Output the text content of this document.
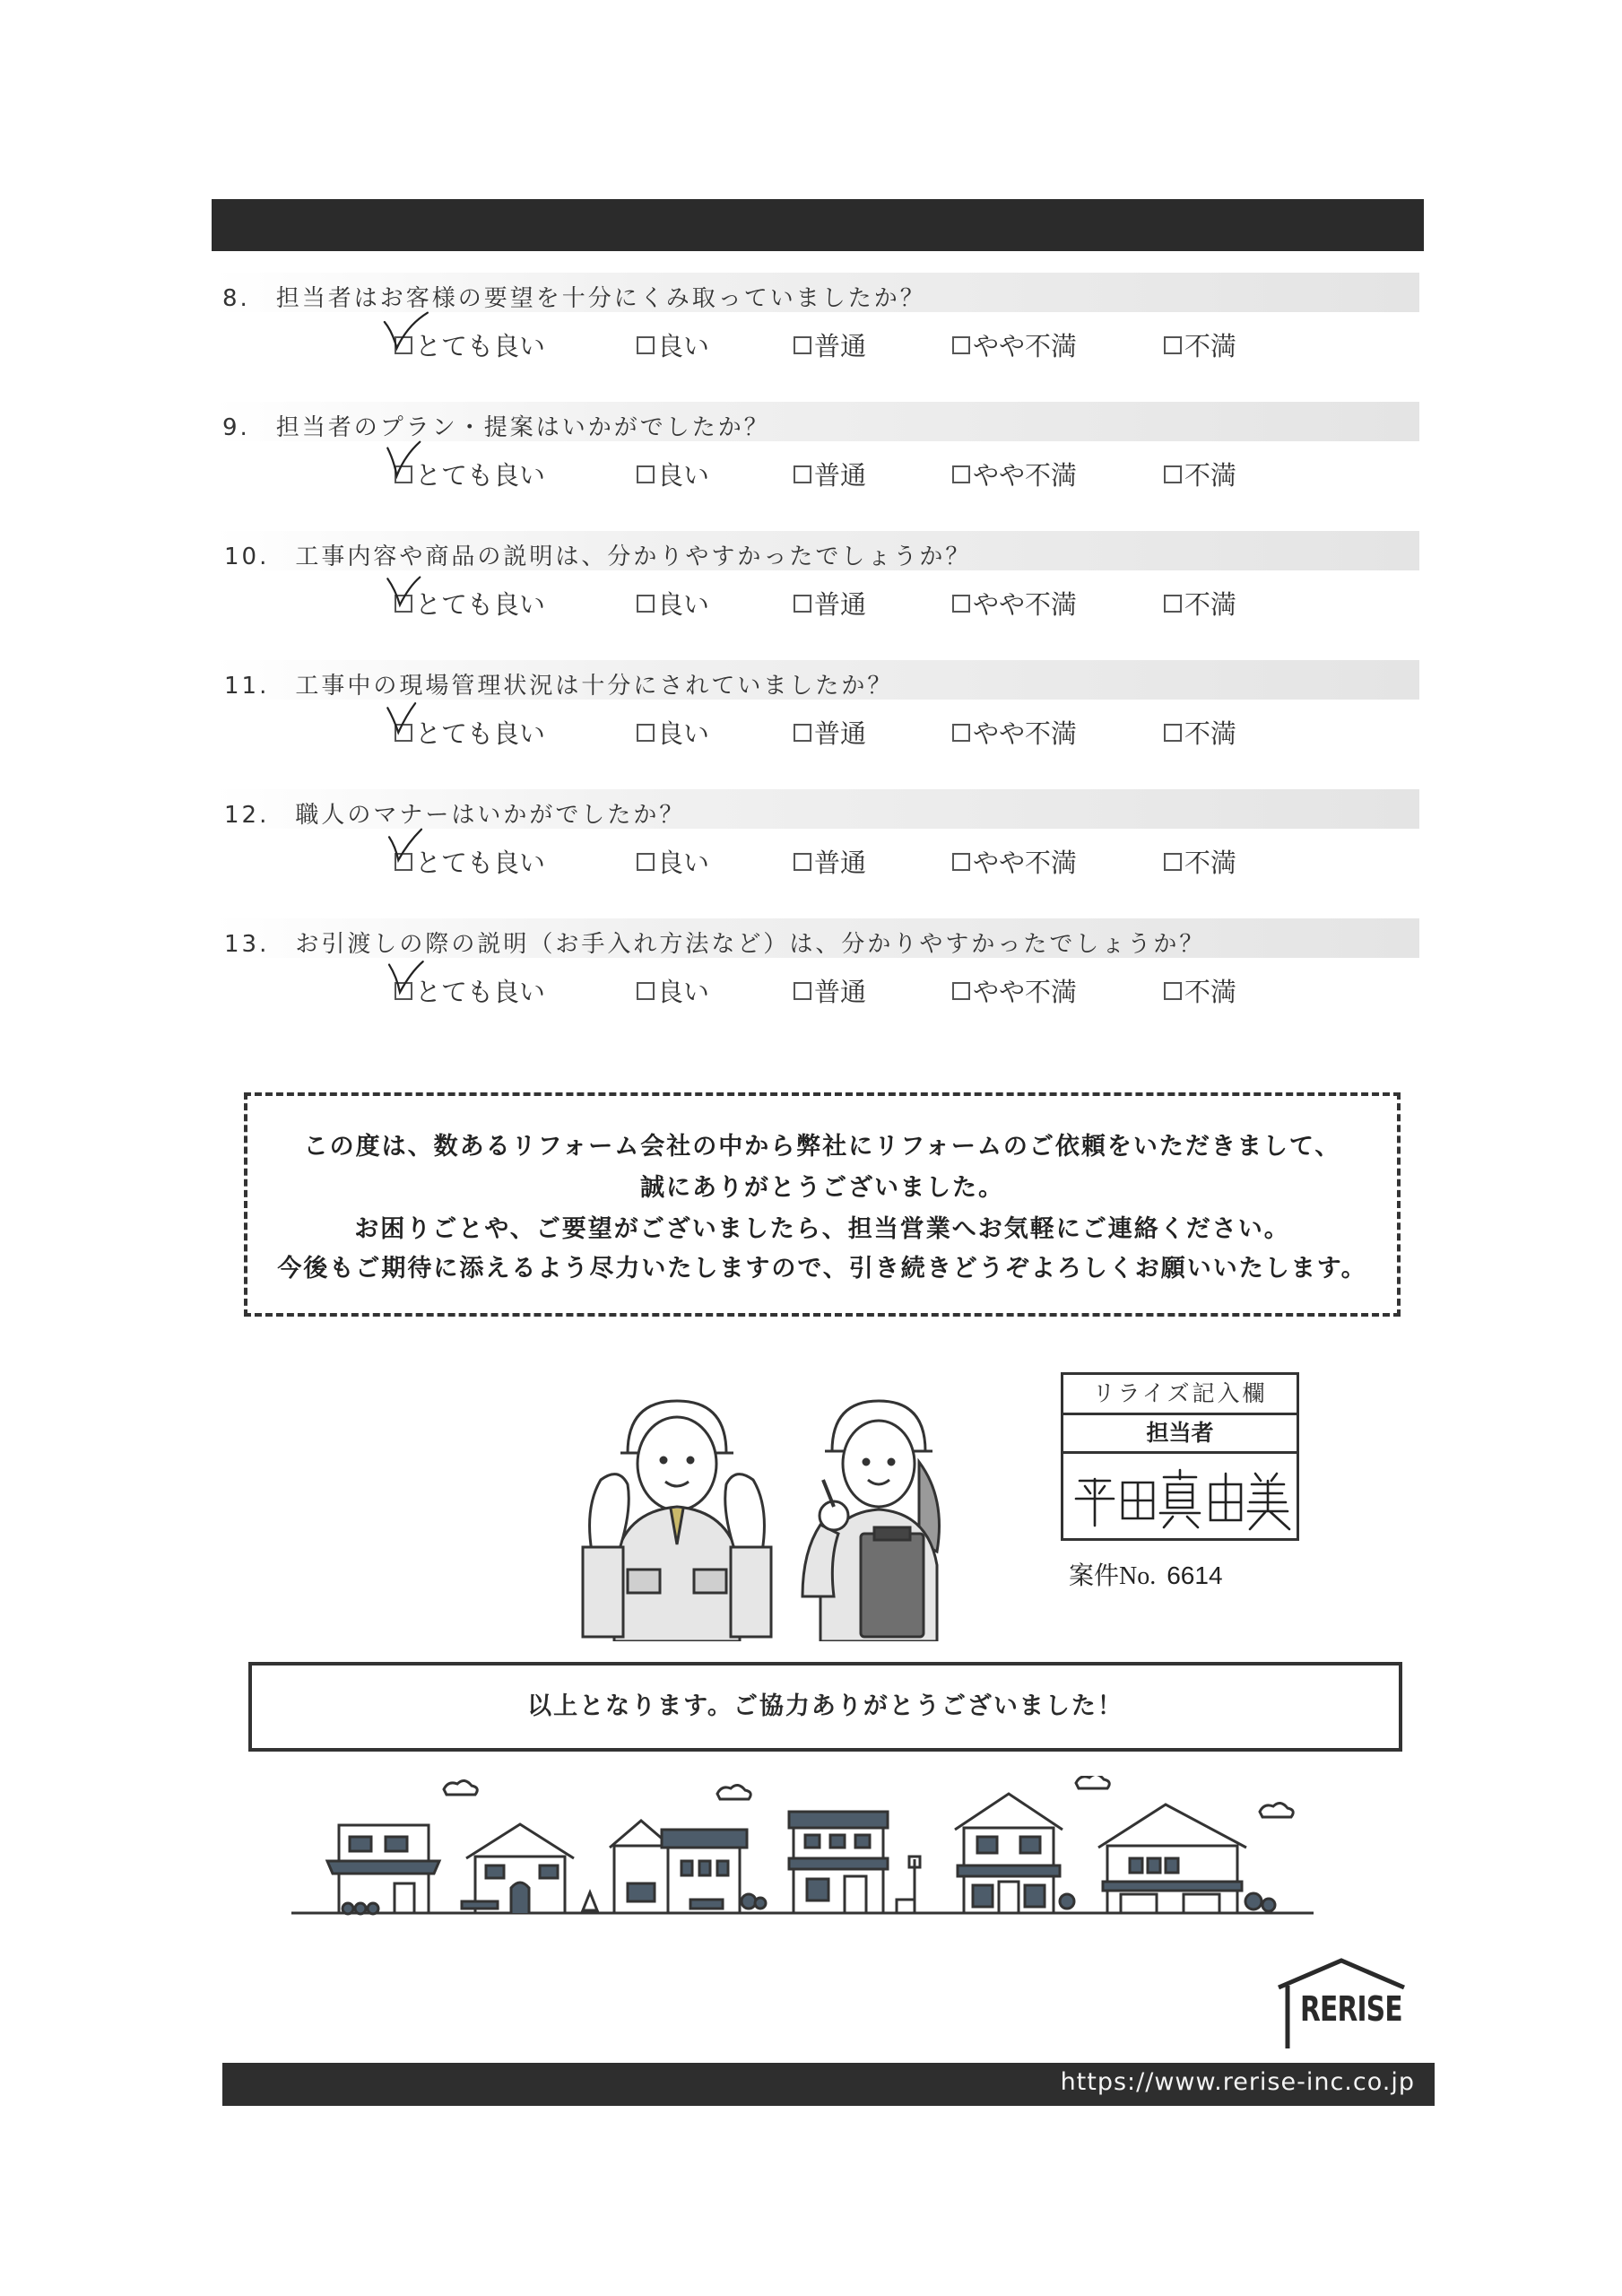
8.　担当者はお客様の要望を十分にくみ取っていましたか？
とても良い	良い	普通	やや不満	不満
9.　担当者のプラン・提案はいかがでしたか？
とても良い	良い	普通	やや不満	不満
10.　工事内容や商品の説明は、分かりやすかったでしょうか？
とても良い	良い	普通	やや不満	不満
11.　工事中の現場管理状況は十分にされていましたか？
とても良い	良い	普通	やや不満	不満
12.　職人のマナーはいかがでしたか？
とても良い	良い	普通	やや不満	不満
13.　お引渡しの際の説明（お手入れ方法など）は、分かりやすかったでしょうか？
とても良い	良い	普通	やや不満	不満
この度は、数あるリフォーム会社の中から弊社にリフォームのご依頼をいただきまして、
誠にありがとうございました。
お困りごとや、ご要望がございましたら、担当営業へお気軽にご連絡ください。
今後もご期待に添えるよう尽力いたしますので、引き続きどうぞよろしくお願いいたします。
リライズ記入欄
担当者
案件No. 6614
以上となります。ご協力ありがとうございました！
RERISE
https://www.rerise-inc.co.jp
